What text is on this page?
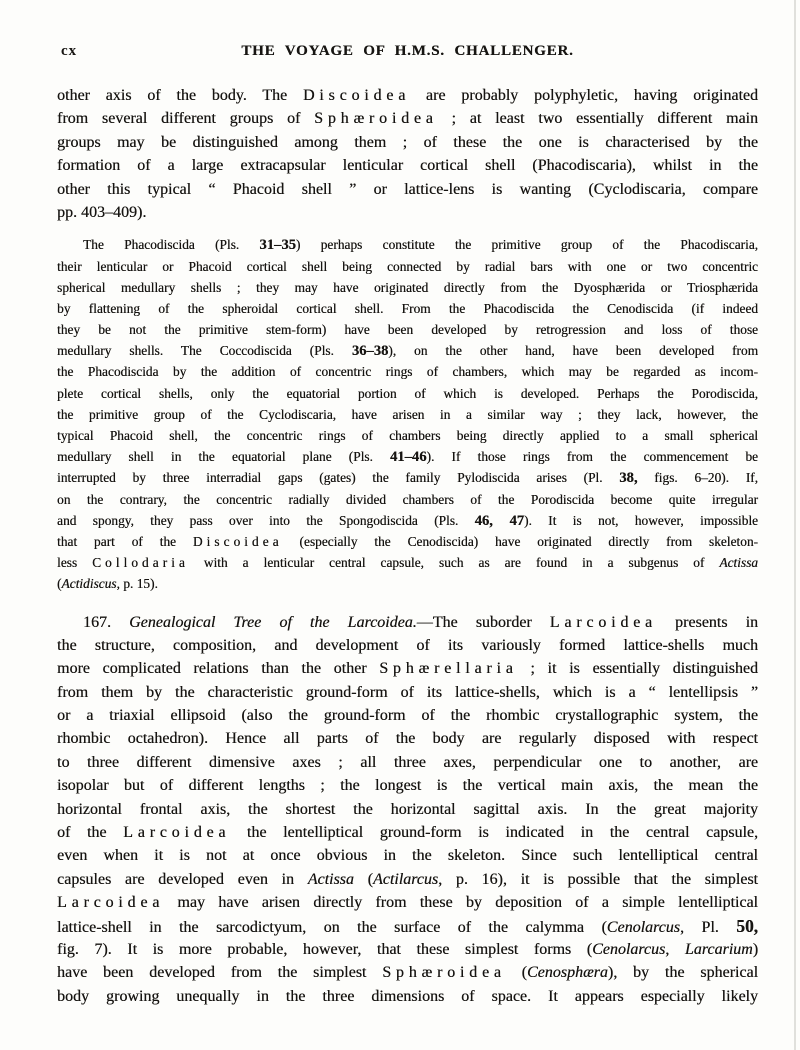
cx	THE VOYAGE OF H.M.S. CHALLENGER.
other axis of the body. The Discoidea are probably polyphyletic, having originated
from several different groups of Sphæroidea ; at least two essentially different main
groups may be distinguished among them ; of these the one is characterised by the
formation of a large extracapsular lenticular cortical shell (Phacodiscaria), whilst in the
other this typical “ Phacoid shell ” or lattice-lens is wanting (Cyclodiscaria, compare
pp. 403–409).
The Phacodiscida (Pls. 31–35) perhaps constitute the primitive group of the Phacodiscaria,
their lenticular or Phacoid cortical shell being connected by radial bars with one or two concentric
spherical medullary shells ; they may have originated directly from the Dyosphærida or Triosphærida
by flattening of the spheroidal cortical shell. From the Phacodiscida the Cenodiscida (if indeed
they be not the primitive stem-form) have been developed by retrogression and loss of those
medullary shells. The Coccodiscida (Pls. 36–38), on the other hand, have been developed from
the Phacodiscida by the addition of concentric rings of chambers, which may be regarded as incom-
plete cortical shells, only the equatorial portion of which is developed. Perhaps the Porodiscida,
the primitive group of the Cyclodiscaria, have arisen in a similar way ; they lack, however, the
typical Phacoid shell, the concentric rings of chambers being directly applied to a small spherical
medullary shell in the equatorial plane (Pls. 41–46). If those rings from the commencement be
interrupted by three interradial gaps (gates) the family Pylodiscida arises (Pl. 38, figs. 6–20). If,
on the contrary, the concentric radially divided chambers of the Porodiscida become quite irregular
and spongy, they pass over into the Spongodiscida (Pls. 46, 47). It is not, however, impossible
that part of the Discoidea (especially the Cenodiscida) have originated directly from skeleton-
less Collodaria with a lenticular central capsule, such as are found in a subgenus of Actissa
(Actidiscus, p. 15).
167. Genealogical Tree of the Larcoidea.—The suborder Larcoidea presents in
the structure, composition, and development of its variously formed lattice-shells much
more complicated relations than the other Sphærellaria ; it is essentially distinguished
from them by the characteristic ground-form of its lattice-shells, which is a “ lentellipsis ”
or a triaxial ellipsoid (also the ground-form of the rhombic crystallographic system, the
rhombic octahedron). Hence all parts of the body are regularly disposed with respect
to three different dimensive axes ; all three axes, perpendicular one to another, are
isopolar but of different lengths ; the longest is the vertical main axis, the mean the
horizontal frontal axis, the shortest the horizontal sagittal axis. In the great majority
of the Larcoidea the lentelliptical ground-form is indicated in the central capsule,
even when it is not at once obvious in the skeleton. Since such lentelliptical central
capsules are developed even in Actissa (Actilarcus, p. 16), it is possible that the simplest
Larcoidea may have arisen directly from these by deposition of a simple lentelliptical
lattice-shell in the sarcodictyum, on the surface of the calymma (Cenolarcus, Pl. 50,
fig. 7). It is more probable, however, that these simplest forms (Cenolarcus, Larcarium)
have been developed from the simplest Sphæroidea (Cenosphæra), by the spherical
body growing unequally in the three dimensions of space. It appears especially likely
